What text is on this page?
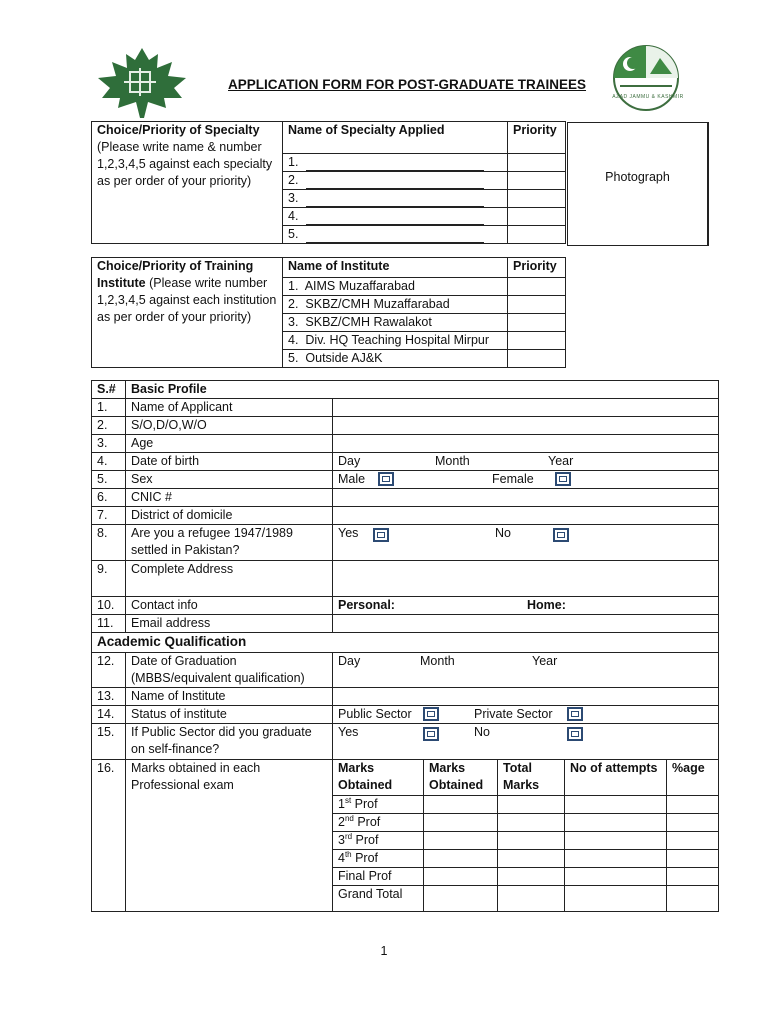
APPLICATION FORM FOR POST-GRADUATE TRAINEES
AZAD JAMMU & KASHMIR
Choice/Priority of Specialty
(Please write name & number 1,2,3,4,5 against each specialty as per order of your priority)	Name of Specialty Applied	Priority
	1.	
	2.	
	3.	
	4.	
	5.	
Photograph
Choice/Priority of Training Institute (Please write number 1,2,3,4,5 against each institution as per order of your priority)	Name of Institute	Priority
	1. AIMS Muzaffarabad	
	2. SKBZ/CMH Muzaffarabad	
	3. SKBZ/CMH Rawalakot	
	4. Div. HQ Teaching Hospital Mirpur	
	5. Outside AJ&K	
S.#	Basic Profile					
1.	Name of Applicant					
2.	S/O,D/O,W/O					
3.	Age					
4.	Date of birth	Day Month Year				

5.	Sex	Male Female				

6.	CNIC #					
7.	District of domicile					
8.	Are you a refugee 1947/1989 settled in Pakistan?	Yes No				

9.	Complete Address					
10.	Contact info	Personal: Home:				

11.	Email address					
Academic Qualification						
12.	Date of Graduation (MBBS/equivalent qualification)	Day Month Year				

13.	Name of Institute					
14.	Status of institute	Public Sector Private Sector				

15.	If Public Sector did you graduate on self-finance?	Yes No				

16.	Marks obtained in each Professional exam	Marks Obtained	Marks Obtained	Total Marks	No of attempts	%age
		1st Prof				
		2nd Prof				
		3rd Prof				
		4th Prof				
		Final Prof				
		Grand Total				
1
